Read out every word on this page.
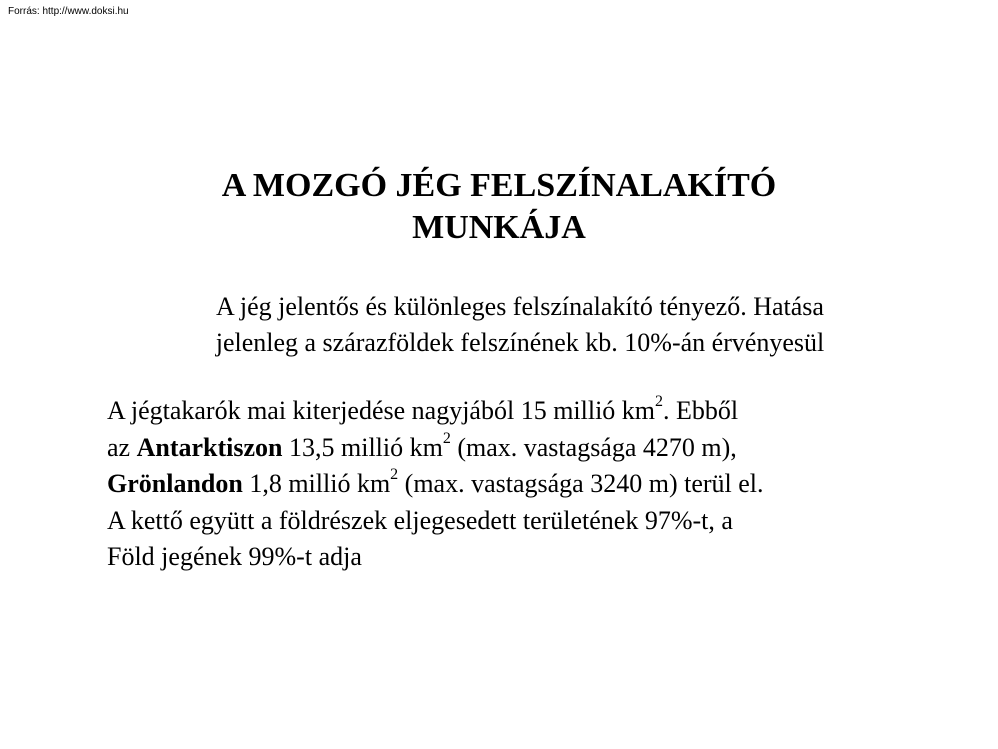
Forrás: http://www.doksi.hu
A MOZGÓ JÉG FELSZÍNALAKÍTÓ
MUNKÁJA
A jég jelentős és különleges felszínalakító tényező. Hatása
jelenleg a szárazföldek felszínének kb. 10%-án érvényesül
A jégtakarók mai kiterjedése nagyjából 15 millió $km^2$. Ebből
az Antarktiszon 13,5 millió $km^2$ (max. vastagsága 4270 m),
Grönlandon 1,8 millió $km^2$ (max. vastagsága 3240 m) terül el.
A kettő együtt a földrészek eljegesedett területének 97%-t, a
Föld jegének 99%-t adja
